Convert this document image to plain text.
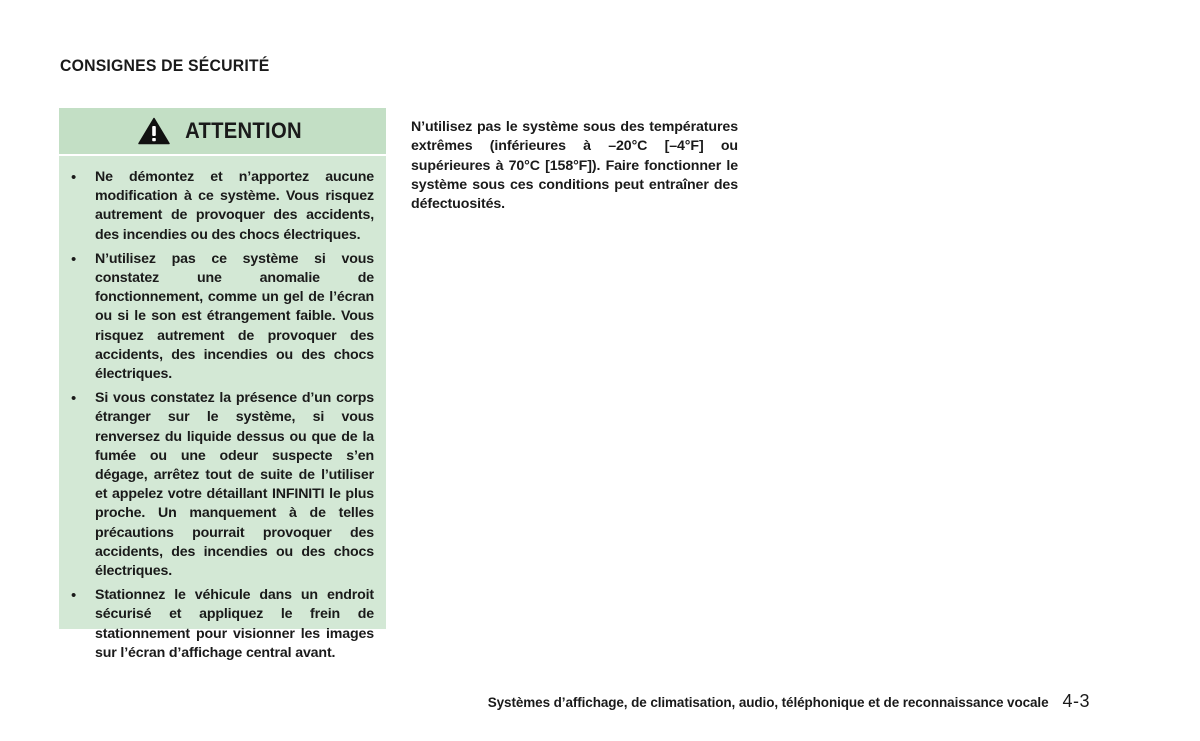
CONSIGNES DE SÉCURITÉ
ATTENTION
•	Ne démontez et n’apportez aucune modification à ce système. Vous risquez autrement de provoquer des accidents, des incendies ou des chocs électriques.
•	N’utilisez pas ce système si vous constatez une anomalie de fonctionnement, comme un gel de l’écran ou si le son est étrangement faible. Vous risquez autrement de provoquer des accidents, des incendies ou des chocs électriques.
•	Si vous constatez la présence d’un corps étranger sur le système, si vous renversez du liquide dessus ou que de la fumée ou une odeur suspecte s’en dégage, arrêtez tout de suite de l’utiliser et appelez votre détaillant INFINITI le plus proche. Un manquement à de telles précautions pourrait provoquer des accidents, des incendies ou des chocs électriques.
•	Stationnez le véhicule dans un endroit sécurisé et appliquez le frein de stationnement pour visionner les images sur l’écran d’affichage central avant.

N’utilisez pas le système sous des températures extrêmes (inférieures à –20°C [–4°F] ou supérieures à 70°C [158°F]). Faire fonctionner le système sous ces conditions peut entraîner des défectuosités.

Systèmes d’affichage, de climatisation, audio, téléphonique et de reconnaissance vocale 4-3
